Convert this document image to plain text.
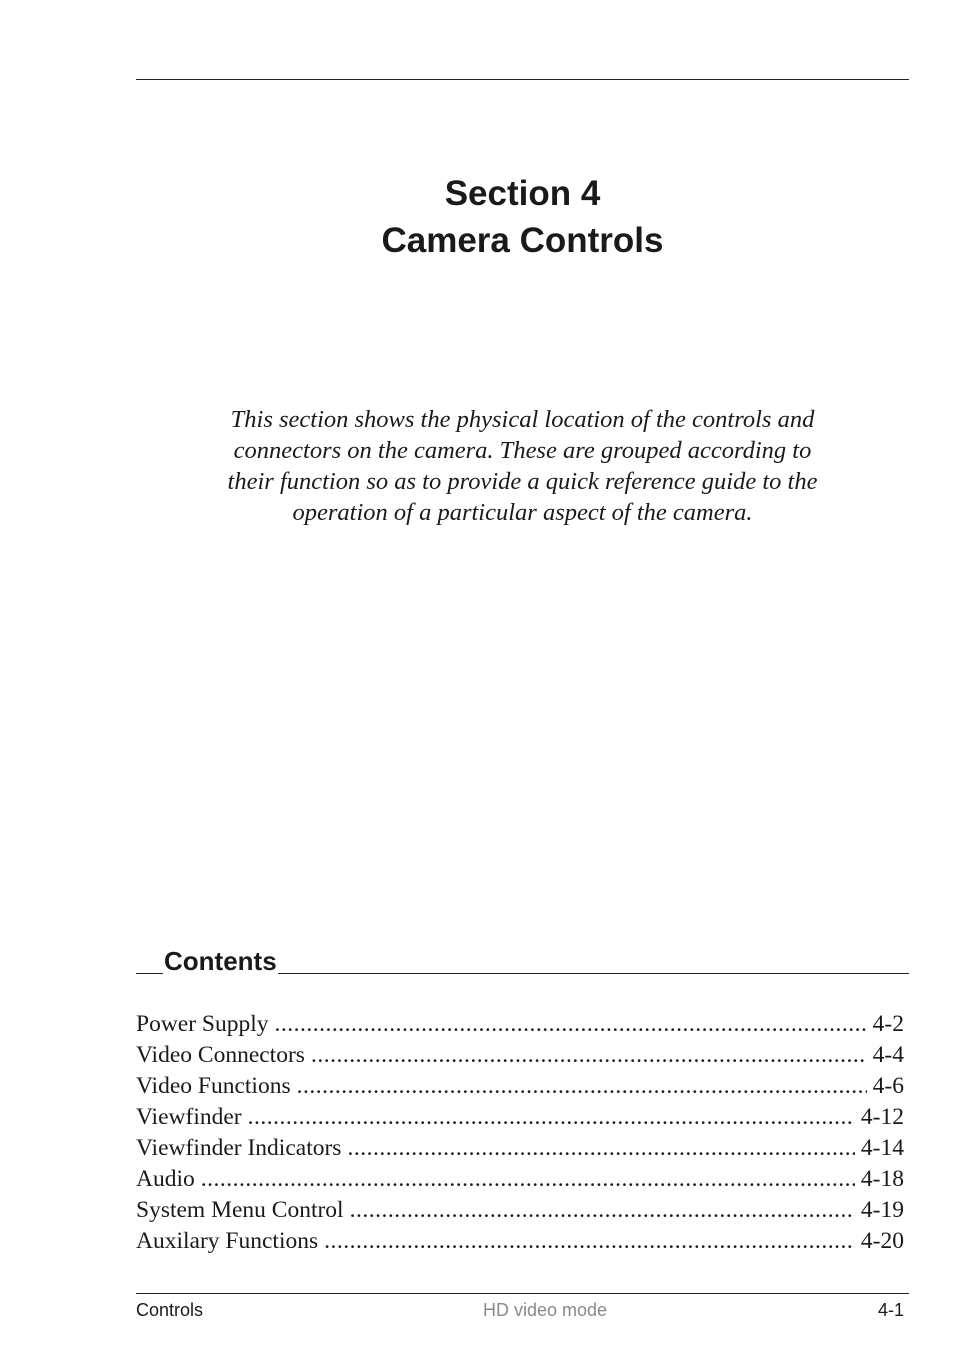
Section 4
Camera Controls
This section shows the physical location of the controls and
connectors on the camera. These are grouped according to
their function so as to provide a quick reference guide to the
operation of a particular aspect of the camera.
Contents
Power Supply .....	4-2
Video Connectors .....	4-4
Video Functions .....	4-6
Viewfinder .....	4-12
Viewfinder Indicators .....	4-14
Audio .....	4-18
System Menu Control .....	4-19
Auxilary Functions .....	4-20
Controls	HD video mode	4-1
